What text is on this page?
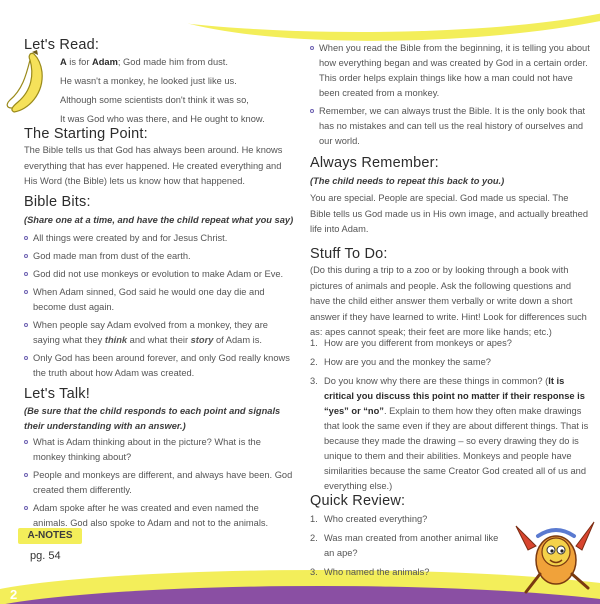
2
Let's Read:
A is for Adam; God made him from dust.
He wasn't a monkey, he looked just like us.
Although some scientists don't think it was so,
It was God who was there, and He ought to know.
The Starting Point:

The Bible tells us that God has always been around. He knows everything that has ever happened. He created everything and His Word (the Bible) lets us know how that happened.

Bible Bits:

(Share one at a time, and have the child repeat what you say)

All things were created by and for Jesus Christ.
God made man from dust of the earth.
God did not use monkeys or evolution to make Adam or Eve.
When Adam sinned, God said he would one day die and become dust again.
When people say Adam evolved from a monkey, they are saying what they think and what their story of Adam is.
Only God has been around forever, and only God really knows the truth about how Adam was created.
Let's Talk!

(Be sure that the child responds to each point and signals their understanding with an answer.)

What is Adam thinking about in the picture? What is the monkey thinking about?
People and monkeys are different, and always have been. God created them differently.
Adam spoke after he was created and even named the animals. God also spoke to Adam and not to the animals.
A-NOTES
pg. 54
When you read the Bible from the beginning, it is telling you about how everything began and was created by God in a certain order. This order helps explain things like how a man could not have been created from a monkey.
Remember, we can always trust the Bible. It is the only book that has no mistakes and can tell us the real history of ourselves and our world.
Always Remember:

(The child needs to repeat this back to you.)

You are special. People are special. God made us special. The Bible tells us God made us in His own image, and actually breathed life into Adam.

Stuff To Do:

(Do this during a trip to a zoo or by looking through a book with pictures of animals and people. Ask the following questions and have the child either answer them verbally or write down a short answer if they have learned to write. Hint! Look for differences such as: apes cannot speak; their feet are more like hands; etc.)

1. How are you different from monkeys or apes?
2. How are you and the monkey the same?
3. Do you know why there are these things in common? (It is critical you discuss this point no matter if their response is “yes” or “no”. Explain to them how they often make drawings that look the same even if they are about different things. That is because they made the drawing – so every drawing they do is unique to them and their abilities. Monkeys and people have similarities because the same Creator God created all of us and everything else.)
Quick Review:
1. Who created everything?
2. Was man created from another animal like an ape?
3. Who named the animals?
